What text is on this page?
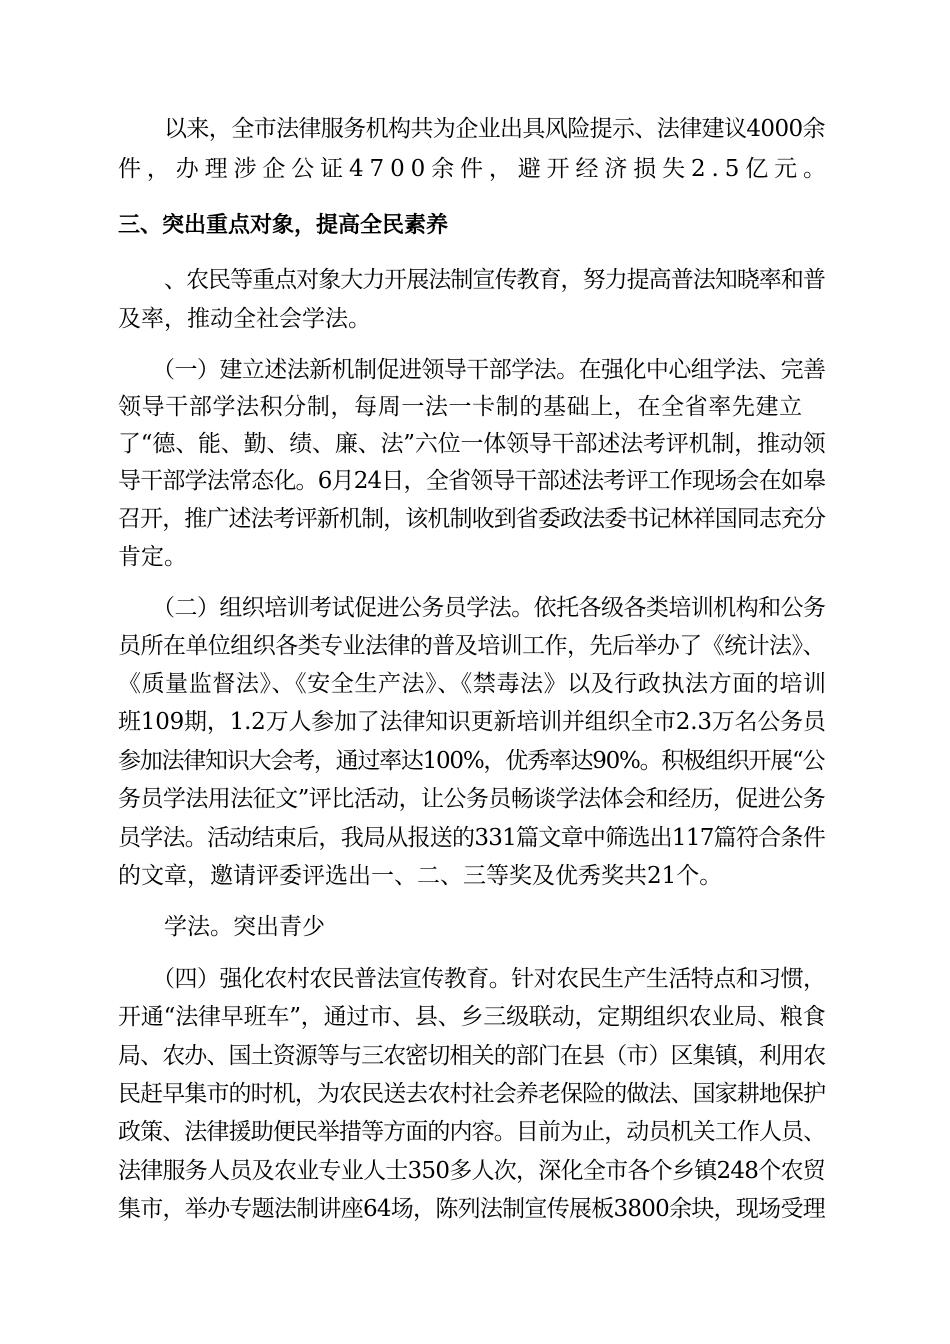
以来，全市法律服务机构共为企业出具风险提示、法律建议4000余
件，办理涉企公证4700余件，避开经济损失2.5亿元。
三、突出重点对象，提高全民素养
、农民等重点对象大力开展法制宣传教育，努力提高普法知晓率和普
及率，推动全社会学法。
（一）建立述法新机制促进领导干部学法。在强化中心组学法、完善
领导干部学法积分制，每周一法一卡制的基础上，在全省率先建立
了“德、能、勤、绩、廉、法”六位一体领导干部述法考评机制，推动领
导干部学法常态化。6月24日，全省领导干部述法考评工作现场会在如皋
召开，推广述法考评新机制，该机制收到省委政法委书记林祥国同志充分
肯定。
（二）组织培训考试促进公务员学法。依托各级各类培训机构和公务
员所在单位组织各类专业法律的普及培训工作，先后举办了《统计法》、
《质量监督法》、《安全生产法》、《禁毒法》以及行政执法方面的培训
班109期，1.2万人参加了法律知识更新培训并组织全市2.3万名公务员
参加法律知识大会考，通过率达100%，优秀率达90%。积极组织开展“公
务员学法用法征文”评比活动，让公务员畅谈学法体会和经历，促进公务
员学法。活动结束后，我局从报送的331篇文章中筛选出117篇符合条件
的文章，邀请评委评选出一、二、三等奖及优秀奖共21个。
学法。突出青少
（四）强化农村农民普法宣传教育。针对农民生产生活特点和习惯，
开通“法律早班车”，通过市、县、乡三级联动，定期组织农业局、粮食
局、农办、国土资源等与三农密切相关的部门在县（市）区集镇，利用农
民赶早集市的时机，为农民送去农村社会养老保险的做法、国家耕地保护
政策、法律援助便民举措等方面的内容。目前为止，动员机关工作人员、
法律服务人员及农业专业人士350多人次，深化全市各个乡镇248个农贸
集市，举办专题法制讲座64场，陈列法制宣传展板3800余块，现场受理
